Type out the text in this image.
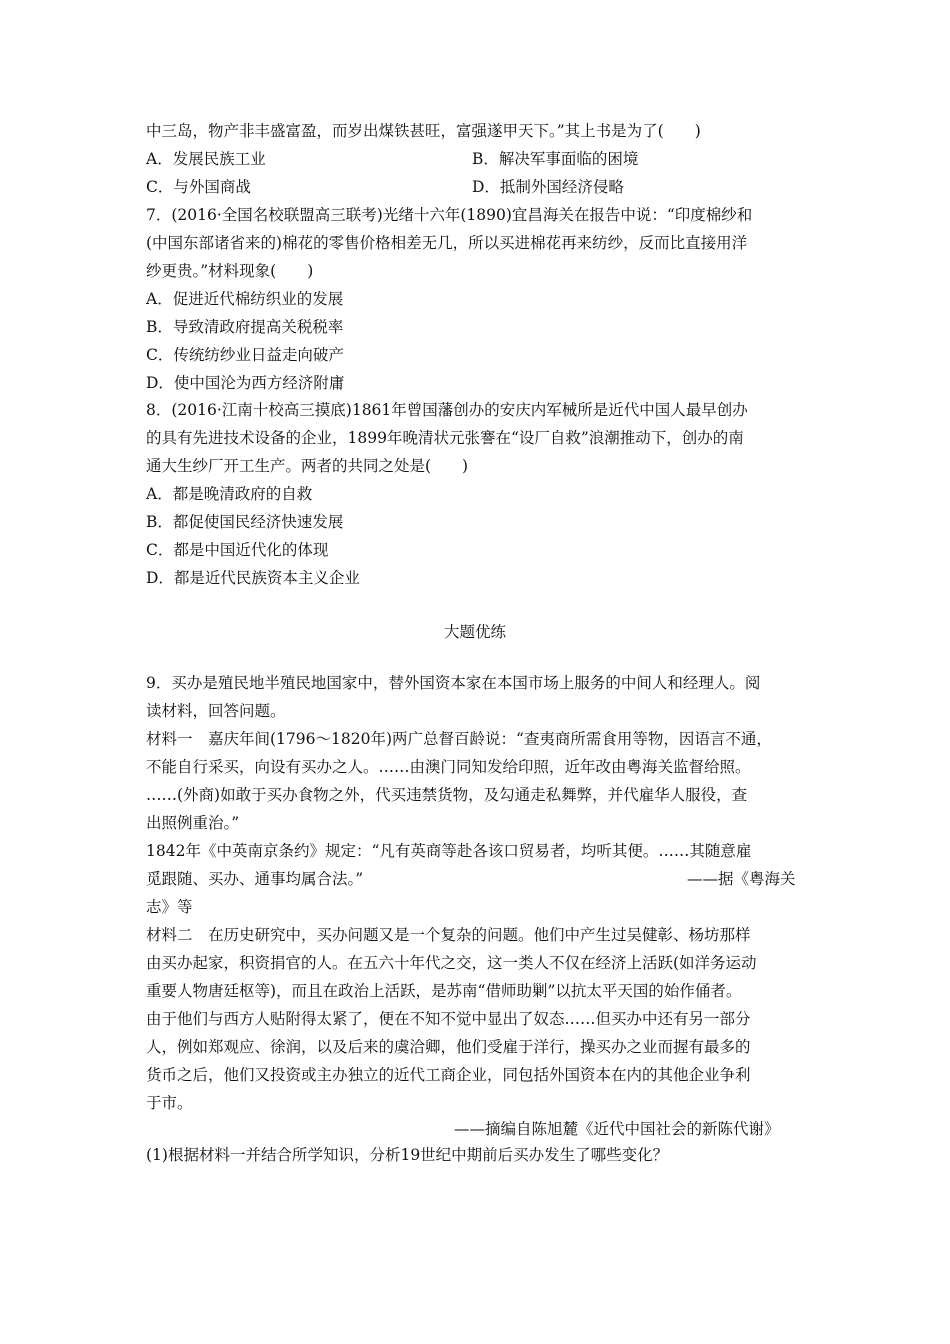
中三岛，物产非丰盛富盈，而岁出煤铁甚旺，富强遂甲天下。”其上书是为了(　　)
A．发展民族工业	B．解决军事面临的困境
C．与外国商战	D．抵制外国经济侵略
7．(2016·全国名校联盟高三联考)光绪十六年(1890)宜昌海关在报告中说：“印度棉纱和
(中国东部诸省来的)棉花的零售价格相差无几，所以买进棉花再来纺纱，反而比直接用洋
纱更贵。”材料现象(　　)
A．促进近代棉纺织业的发展
B．导致清政府提高关税税率
C．传统纺纱业日益走向破产
D．使中国沦为西方经济附庸
8．(2016·江南十校高三摸底)1861年曾国藩创办的安庆内军械所是近代中国人最早创办
的具有先进技术设备的企业，1899年晚清状元张謇在“设厂自救”浪潮推动下，创办的南
通大生纱厂开工生产。两者的共同之处是(　　)
A．都是晚清政府的自救
B．都促使国民经济快速发展
C．都是中国近代化的体现
D．都是近代民族资本主义企业
大题优练
9．买办是殖民地半殖民地国家中，替外国资本家在本国市场上服务的中间人和经理人。阅
读材料，回答问题。
材料一　嘉庆年间(1796～1820年)两广总督百龄说：“查夷商所需食用等物，因语言不通，
不能自行采买，向设有买办之人。……由澳门同知发给印照，近年改由粤海关监督给照。
……(外商)如敢于买办食物之外，代买违禁货物，及勾通走私舞弊，并代雇华人服役，查
出照例重治。”
1842年《中英南京条约》规定：“凡有英商等赴各该口贸易者，均听其便。……其随意雇
觅跟随、买办、通事均属合法。”	——据《粤海关
志》等
材料二　在历史研究中，买办问题又是一个复杂的问题。他们中产生过吴健彰、杨坊那样
由买办起家，积资捐官的人。在五六十年代之交，这一类人不仅在经济上活跃(如洋务运动
重要人物唐廷枢等)，而且在政治上活跃，是苏南“借师助剿”以抗太平天国的始作俑者。
由于他们与西方人贴附得太紧了，便在不知不觉中显出了奴态……但买办中还有另一部分
人，例如郑观应、徐润，以及后来的虞洽卿，他们受雇于洋行，操买办之业而握有最多的
货币之后，他们又投资或主办独立的近代工商企业，同包括外国资本在内的其他企业争利
于市。
——摘编自陈旭麓《近代中国社会的新陈代谢》
(1)根据材料一并结合所学知识，分析19世纪中期前后买办发生了哪些变化？
